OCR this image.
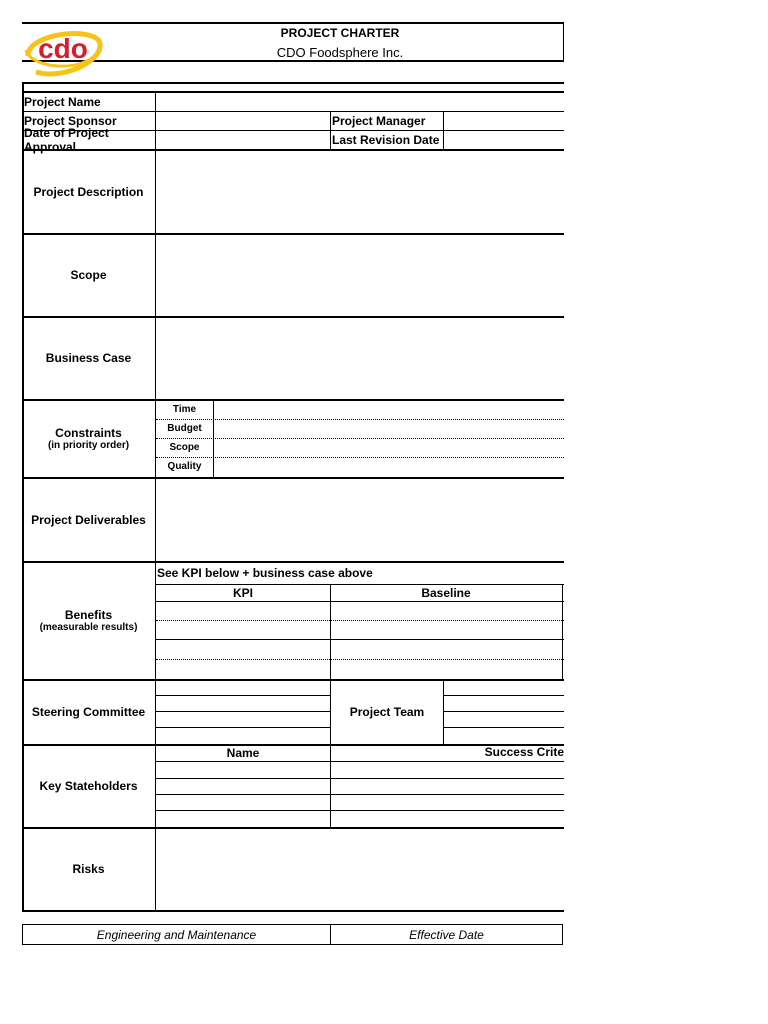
cdo	PROJECT CHARTER
CDO Foodsphere Inc.
Project Name
Project Sponsor	Project Manager
Date of Project Approval	Last Revision Date
Project Description
Scope
Business Case
Constraints
(in priority order)
Time
Budget
Scope
Quality
Project Deliverables
Benefits
(measurable results)
See KPI below + business case above
KPI	Baseline
Steering Committee	Project Team
Key Stateholders
Name	Success Crite
Risks
Engineering and Maintenance	Effective Date
